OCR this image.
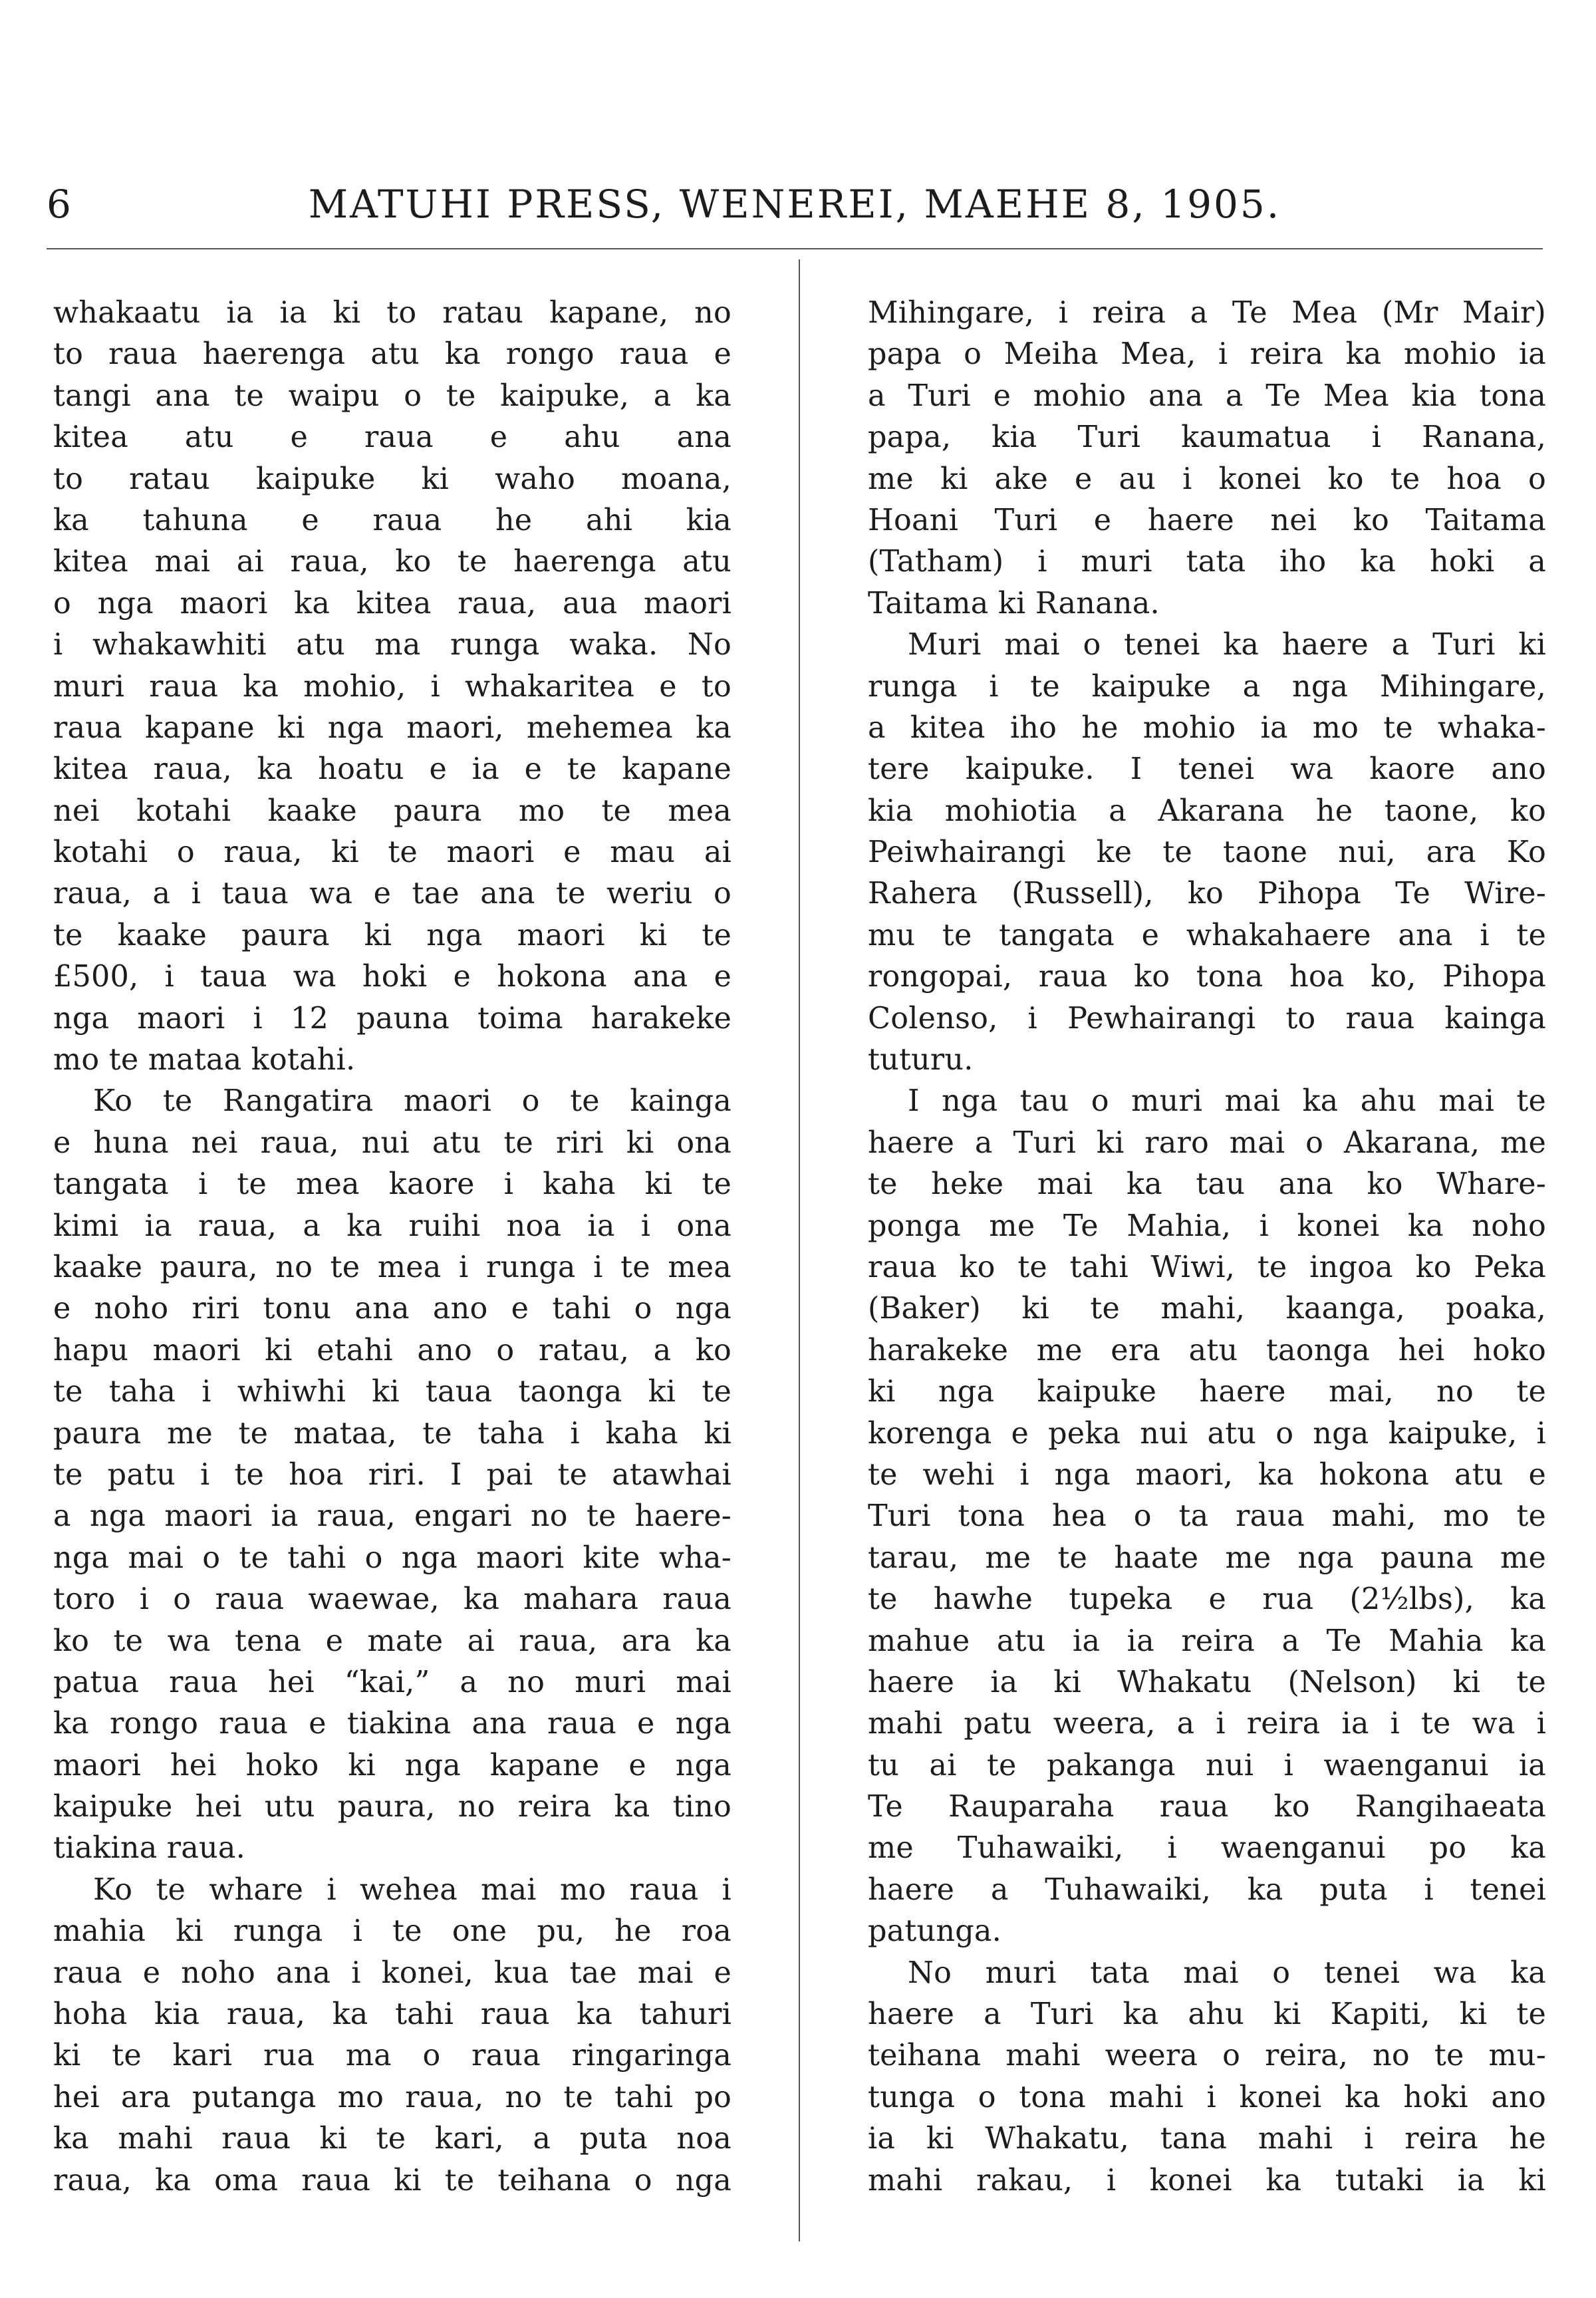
6	MATUHI PRESS, WENEREI, MAEHE 8, 1905.
whakaatu ia ia ki to ratau kapane, no
to raua haerenga atu ka rongo raua e
tangi ana te waipu o te kaipuke, a ka
kitea atu e raua e ahu ana
to ratau kaipuke ki waho moana,
ka tahuna e raua he ahi kia
kitea mai ai raua, ko te haerenga atu
o nga maori ka kitea raua, aua maori
i whakawhiti atu ma runga waka. No
muri raua ka mohio, i whakaritea e to
raua kapane ki nga maori, mehemea ka
kitea raua, ka hoatu e ia e te kapane
nei kotahi kaake paura mo te mea
kotahi o raua, ki te maori e mau ai
raua, a i taua wa e tae ana te weriu o
te kaake paura ki nga maori ki te
£500, i taua wa hoki e hokona ana e
nga maori i 12 pauna toima harakeke
mo te mataa kotahi.
Ko te Rangatira maori o te kainga
e huna nei raua, nui atu te riri ki ona
tangata i te mea kaore i kaha ki te
kimi ia raua, a ka ruihi noa ia i ona
kaake paura, no te mea i runga i te mea
e noho riri tonu ana ano e tahi o nga
hapu maori ki etahi ano o ratau, a ko
te taha i whiwhi ki taua taonga ki te
paura me te mataa, te taha i kaha ki
te patu i te hoa riri. I pai te atawhai
a nga maori ia raua, engari no te haere-
nga mai o te tahi o nga maori kite wha-
toro i o raua waewae, ka mahara raua
ko te wa tena e mate ai raua, ara ka
patua raua hei “kai,” a no muri mai
ka rongo raua e tiakina ana raua e nga
maori hei hoko ki nga kapane e nga
kaipuke hei utu paura, no reira ka tino
tiakina raua.
Ko te whare i wehea mai mo raua i
mahia ki runga i te one pu, he roa
raua e noho ana i konei, kua tae mai e
hoha kia raua, ka tahi raua ka tahuri
ki te kari rua ma o raua ringaringa
hei ara putanga mo raua, no te tahi po
ka mahi raua ki te kari, a puta noa
raua, ka oma raua ki te teihana o nga
Mihingare, i reira a Te Mea (Mr Mair)
papa o Meiha Mea, i reira ka mohio ia
a Turi e mohio ana a Te Mea kia tona
papa, kia Turi kaumatua i Ranana,
me ki ake e au i konei ko te hoa o
Hoani Turi e haere nei ko Taitama
(Tatham) i muri tata iho ka hoki a
Taitama ki Ranana.
Muri mai o tenei ka haere a Turi ki
runga i te kaipuke a nga Mihingare,
a kitea iho he mohio ia mo te whaka-
tere kaipuke. I tenei wa kaore ano
kia mohiotia a Akarana he taone, ko
Peiwhairangi ke te taone nui, ara Ko
Rahera (Russell), ko Pihopa Te Wire-
mu te tangata e whakahaere ana i te
rongopai, raua ko tona hoa ko, Pihopa
Colenso, i Pewhairangi to raua kainga
tuturu.
I nga tau o muri mai ka ahu mai te
haere a Turi ki raro mai o Akarana, me
te heke mai ka tau ana ko Whare-
ponga me Te Mahia, i konei ka noho
raua ko te tahi Wiwi, te ingoa ko Peka
(Baker) ki te mahi, kaanga, poaka,
harakeke me era atu taonga hei hoko
ki nga kaipuke haere mai, no te
korenga e peka nui atu o nga kaipuke, i
te wehi i nga maori, ka hokona atu e
Turi tona hea o ta raua mahi, mo te
tarau, me te haate me nga pauna me
te hawhe tupeka e rua (2½lbs), ka
mahue atu ia ia reira a Te Mahia ka
haere ia ki Whakatu (Nelson) ki te
mahi patu weera, a i reira ia i te wa i
tu ai te pakanga nui i waenganui ia
Te Rauparaha raua ko Rangihaeata
me Tuhawaiki, i waenganui po ka
haere a Tuhawaiki, ka puta i tenei
patunga.
No muri tata mai o tenei wa ka
haere a Turi ka ahu ki Kapiti, ki te
teihana mahi weera o reira, no te mu-
tunga o tona mahi i konei ka hoki ano
ia ki Whakatu, tana mahi i reira he
mahi rakau, i konei ka tutaki ia ki
